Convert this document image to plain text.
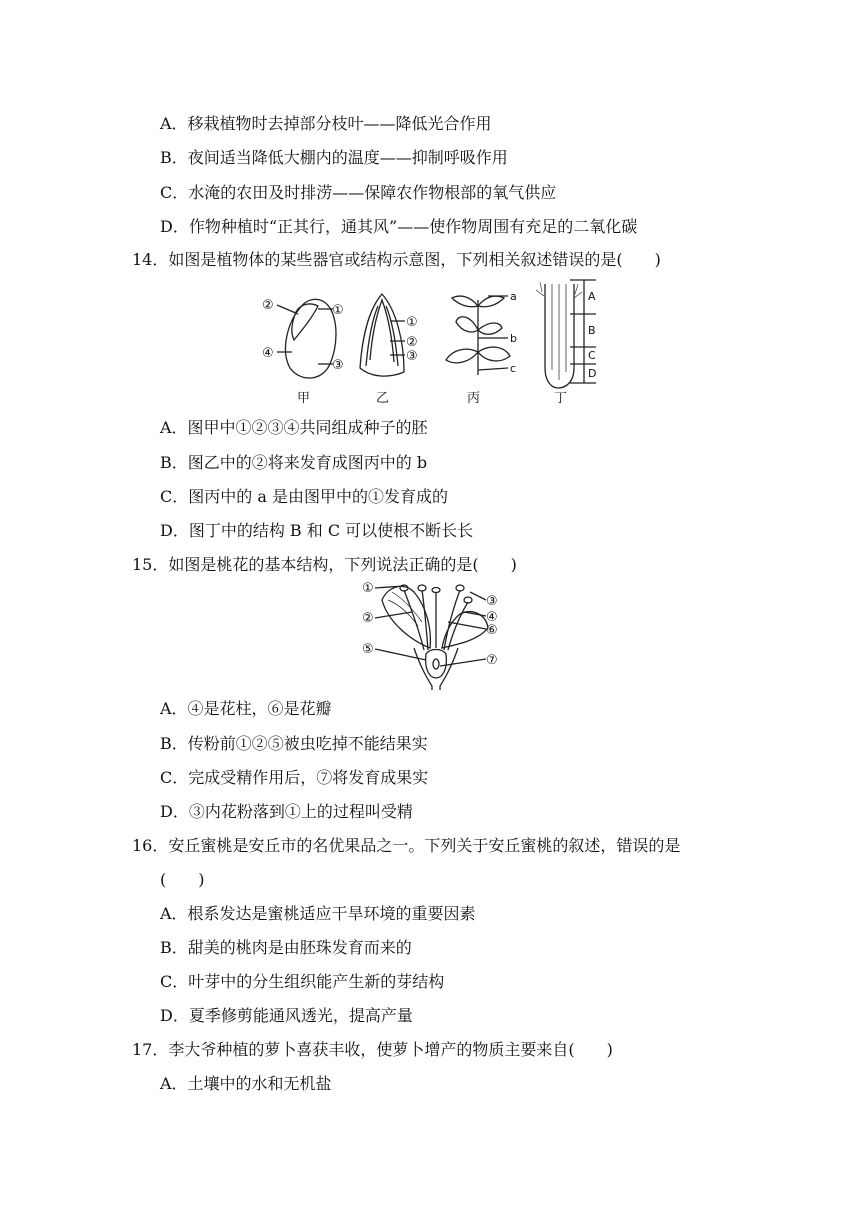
A．移栽植物时去掉部分枝叶——降低光合作用
B．夜间适当降低大棚内的温度——抑制呼吸作用
C．水淹的农田及时排涝——保障农作物根部的氧气供应
D．作物种植时“正其行，通其风”——使作物周围有充足的二氧化碳
14．如图是植物体的某些器官或结构示意图，下列相关叙述错误的是(　　)
②	①
④
③
①
②
③
a
b
c
A
B
C
D
甲	乙	丙	丁
A．图甲中①②③④共同组成种子的胚
B．图乙中的②将来发育成图丙中的 b
C．图丙中的 a 是由图甲中的①发育成的
D．图丁中的结构 B 和 C 可以使根不断长长
15．如图是桃花的基本结构，下列说法正确的是(　　)
①
②
③
④
⑥
⑤
⑦
A．④是花柱，⑥是花瓣
B．传粉前①②⑤被虫吃掉不能结果实
C．完成受精作用后，⑦将发育成果实
D．③内花粉落到①上的过程叫受精
16．安丘蜜桃是安丘市的名优果品之一。下列关于安丘蜜桃的叙述，错误的是
(　　)
A．根系发达是蜜桃适应干旱环境的重要因素
B．甜美的桃肉是由胚珠发育而来的
C．叶芽中的分生组织能产生新的芽结构
D．夏季修剪能通风透光，提高产量
17．李大爷种植的萝卜喜获丰收，使萝卜增产的物质主要来自(　　)
A．土壤中的水和无机盐
